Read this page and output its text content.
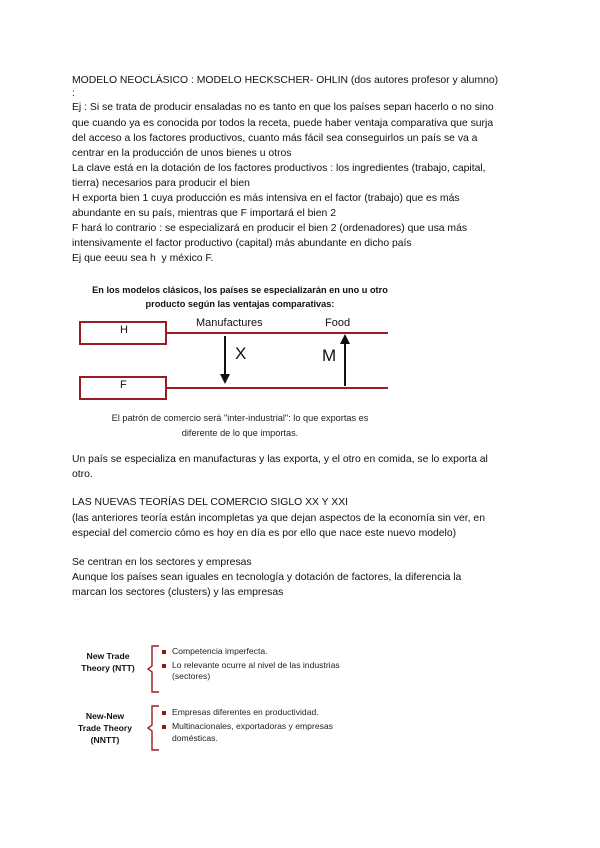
MODELO NEOCLÁSICO : MODELO HECKSCHER- OHLIN (dos autores profesor y alumno)
:
Ej : Si se trata de producir ensaladas no es tanto en que los países sepan hacerlo o no sino
que cuando ya es conocida por todos la receta, puede haber ventaja comparativa que surja
del acceso a los factores productivos, cuanto más fácil sea conseguirlos un país se va a
centrar en la producción de unos bienes u otros
La clave está en la dotación de los factores productivos : los ingredientes (trabajo, capital,
tierra) necesarios para producir el bien
H exporta bien 1 cuya producción es más intensiva en el factor (trabajo) que es más
abundante en su país, mientras que F importará el bien 2
F hará lo contrario : se especializará en producir el bien 2 (ordenadores) que usa más
intensivamente el factor productivo (capital) más abundante en dicho país
Ej que eeuu sea h  y méxico F.
En los modelos clásicos, los países se especializarán en uno u otro
producto según las ventajas comparativas:
H
F
Manufactures	Food
X	M
El patrón de comercio será "inter-industrial": lo que exportas es
diferente de lo que importas.
Un país se especializa en manufacturas y las exporta, y el otro en comida, se lo exporta al
otro.
LAS NUEVAS TEORÍAS DEL COMERCIO SIGLO XX Y XXI
(las anteriores teoría están incompletas ya que dejan aspectos de la economía sin ver, en
especial del comercio cómo es hoy en día es por ello que nace este nuevo modelo)
Se centran en los sectores y empresas
Aunque los países sean iguales en tecnología y dotación de factores, la diferencia la
marcan los sectores (clusters) y las empresas
New Trade
Theory (NTT)
Competencia imperfecta.
Lo relevante ocurre al nivel de las industrias
(sectores)
New-New
Trade Theory
(NNTT)
Empresas diferentes en productividad.
Multinacionales, exportadoras y empresas
domésticas.
